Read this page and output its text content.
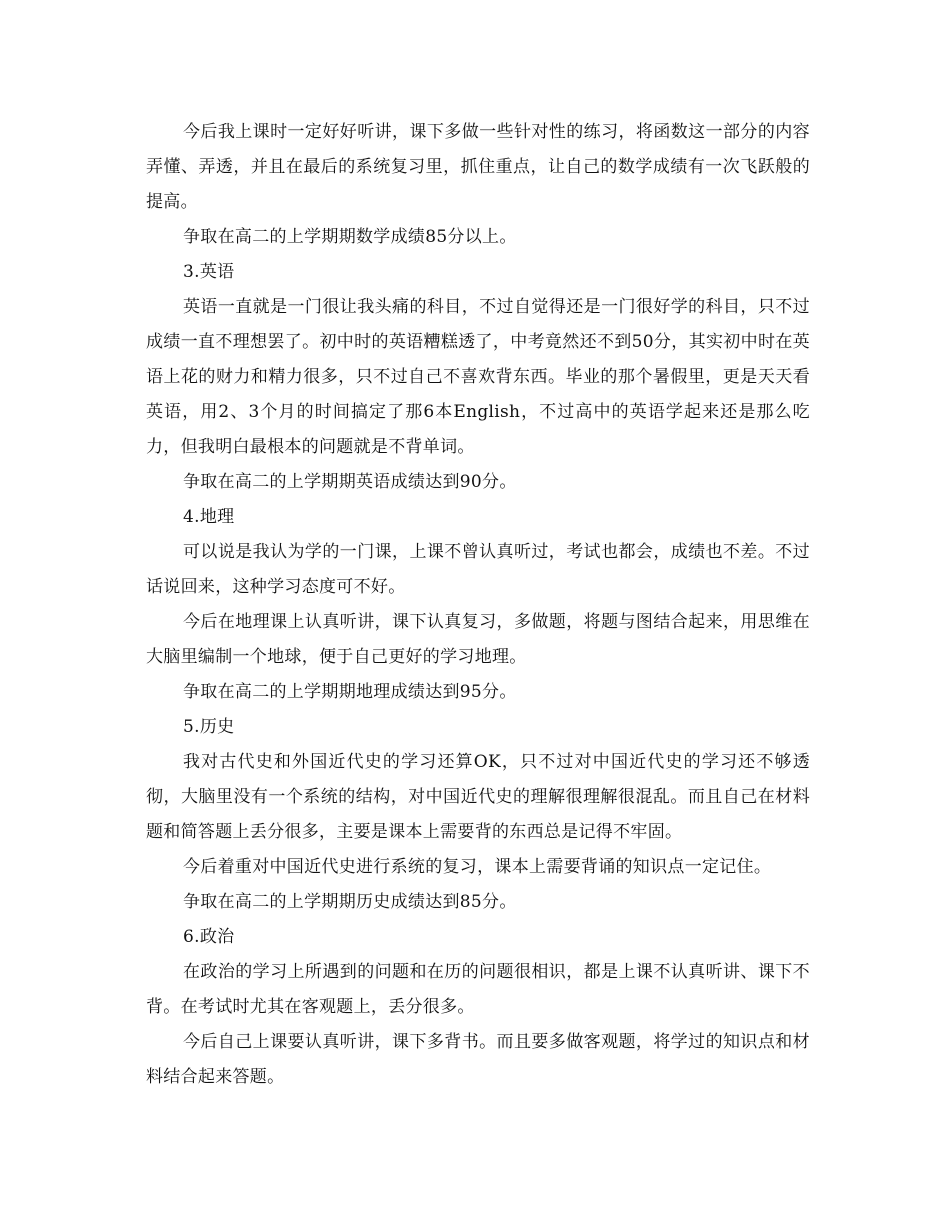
今后我上课时一定好好听讲，课下多做一些针对性的练习，将函数这一部分的内容弄懂、弄透，并且在最后的系统复习里，抓住重点，让自己的数学成绩有一次飞跃般的提高。

争取在高二的上学期期数学成绩85分以上。

3.英语

英语一直就是一门很让我头痛的科目，不过自觉得还是一门很好学的科目，只不过成绩一直不理想罢了。初中时的英语糟糕透了，中考竟然还不到50分，其实初中时在英语上花的财力和精力很多，只不过自己不喜欢背东西。毕业的那个暑假里，更是天天看英语，用2、3个月的时间搞定了那6本English，不过高中的英语学起来还是那么吃力，但我明白最根本的问题就是不背单词。

争取在高二的上学期期英语成绩达到90分。

4.地理

可以说是我认为学的一门课，上课不曾认真听过，考试也都会，成绩也不差。不过话说回来，这种学习态度可不好。

今后在地理课上认真听讲，课下认真复习，多做题，将题与图结合起来，用思维在大脑里编制一个地球，便于自己更好的学习地理。

争取在高二的上学期期地理成绩达到95分。

5.历史

我对古代史和外国近代史的学习还算OK，只不过对中国近代史的学习还不够透彻，大脑里没有一个系统的结构，对中国近代史的理解很理解很混乱。而且自己在材料题和简答题上丢分很多，主要是课本上需要背的东西总是记得不牢固。

今后着重对中国近代史进行系统的复习，课本上需要背诵的知识点一定记住。

争取在高二的上学期期历史成绩达到85分。

6.政治

在政治的学习上所遇到的问题和在历的问题很相识，都是上课不认真听讲、课下不背。在考试时尤其在客观题上，丢分很多。

今后自己上课要认真听讲，课下多背书。而且要多做客观题，将学过的知识点和材料结合起来答题。
